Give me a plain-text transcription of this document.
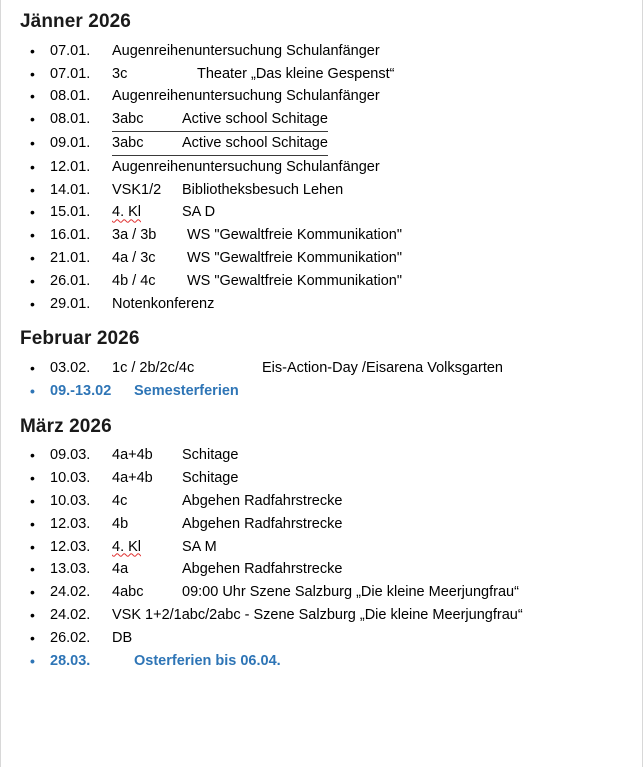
Jänner 2026
• 07.01. Augenreihenuntersuchung Schulanfänger
• 07.01. 3c	Theater „Das kleine Gespenst“
• 08.01. Augenreihenuntersuchung Schulanfänger
• 08.01. 3abc	Active school Schitage
• 09.01. 3abc	Active school Schitage
• 12.01. Augenreihenuntersuchung Schulanfänger
• 14.01. VSK1/2 Bibliotheksbesuch Lehen
• 15.01. 4. Kl	SA D
• 16.01. 3a / 3b WS "Gewaltfreie Kommunikation"
• 21.01. 4a / 3c WS "Gewaltfreie Kommunikation"
• 26.01. 4b / 4c WS "Gewaltfreie Kommunikation"
• 29.01. Notenkonferenz
Februar 2026
• 03.02. 1c / 2b/2c/4c	Eis-Action-Day /Eisarena Volksgarten
• 09.-13.02 Semesterferien
März 2026
• 09.03. 4a+4b Schitage
• 10.03. 4a+4b Schitage
• 10.03. 4c	Abgehen Radfahrstrecke
• 12.03. 4b	Abgehen Radfahrstrecke
• 12.03. 4. Kl	SA M
• 13.03. 4a	Abgehen Radfahrstrecke
• 24.02. 4abc	09:00 Uhr Szene Salzburg „Die kleine Meerjungfrau“
• 24.02. VSK 1+2/1abc/2abc - Szene Salzburg „Die kleine Meerjungfrau“
• 26.02. DB
• 28.03.	Osterferien bis 06.04.
